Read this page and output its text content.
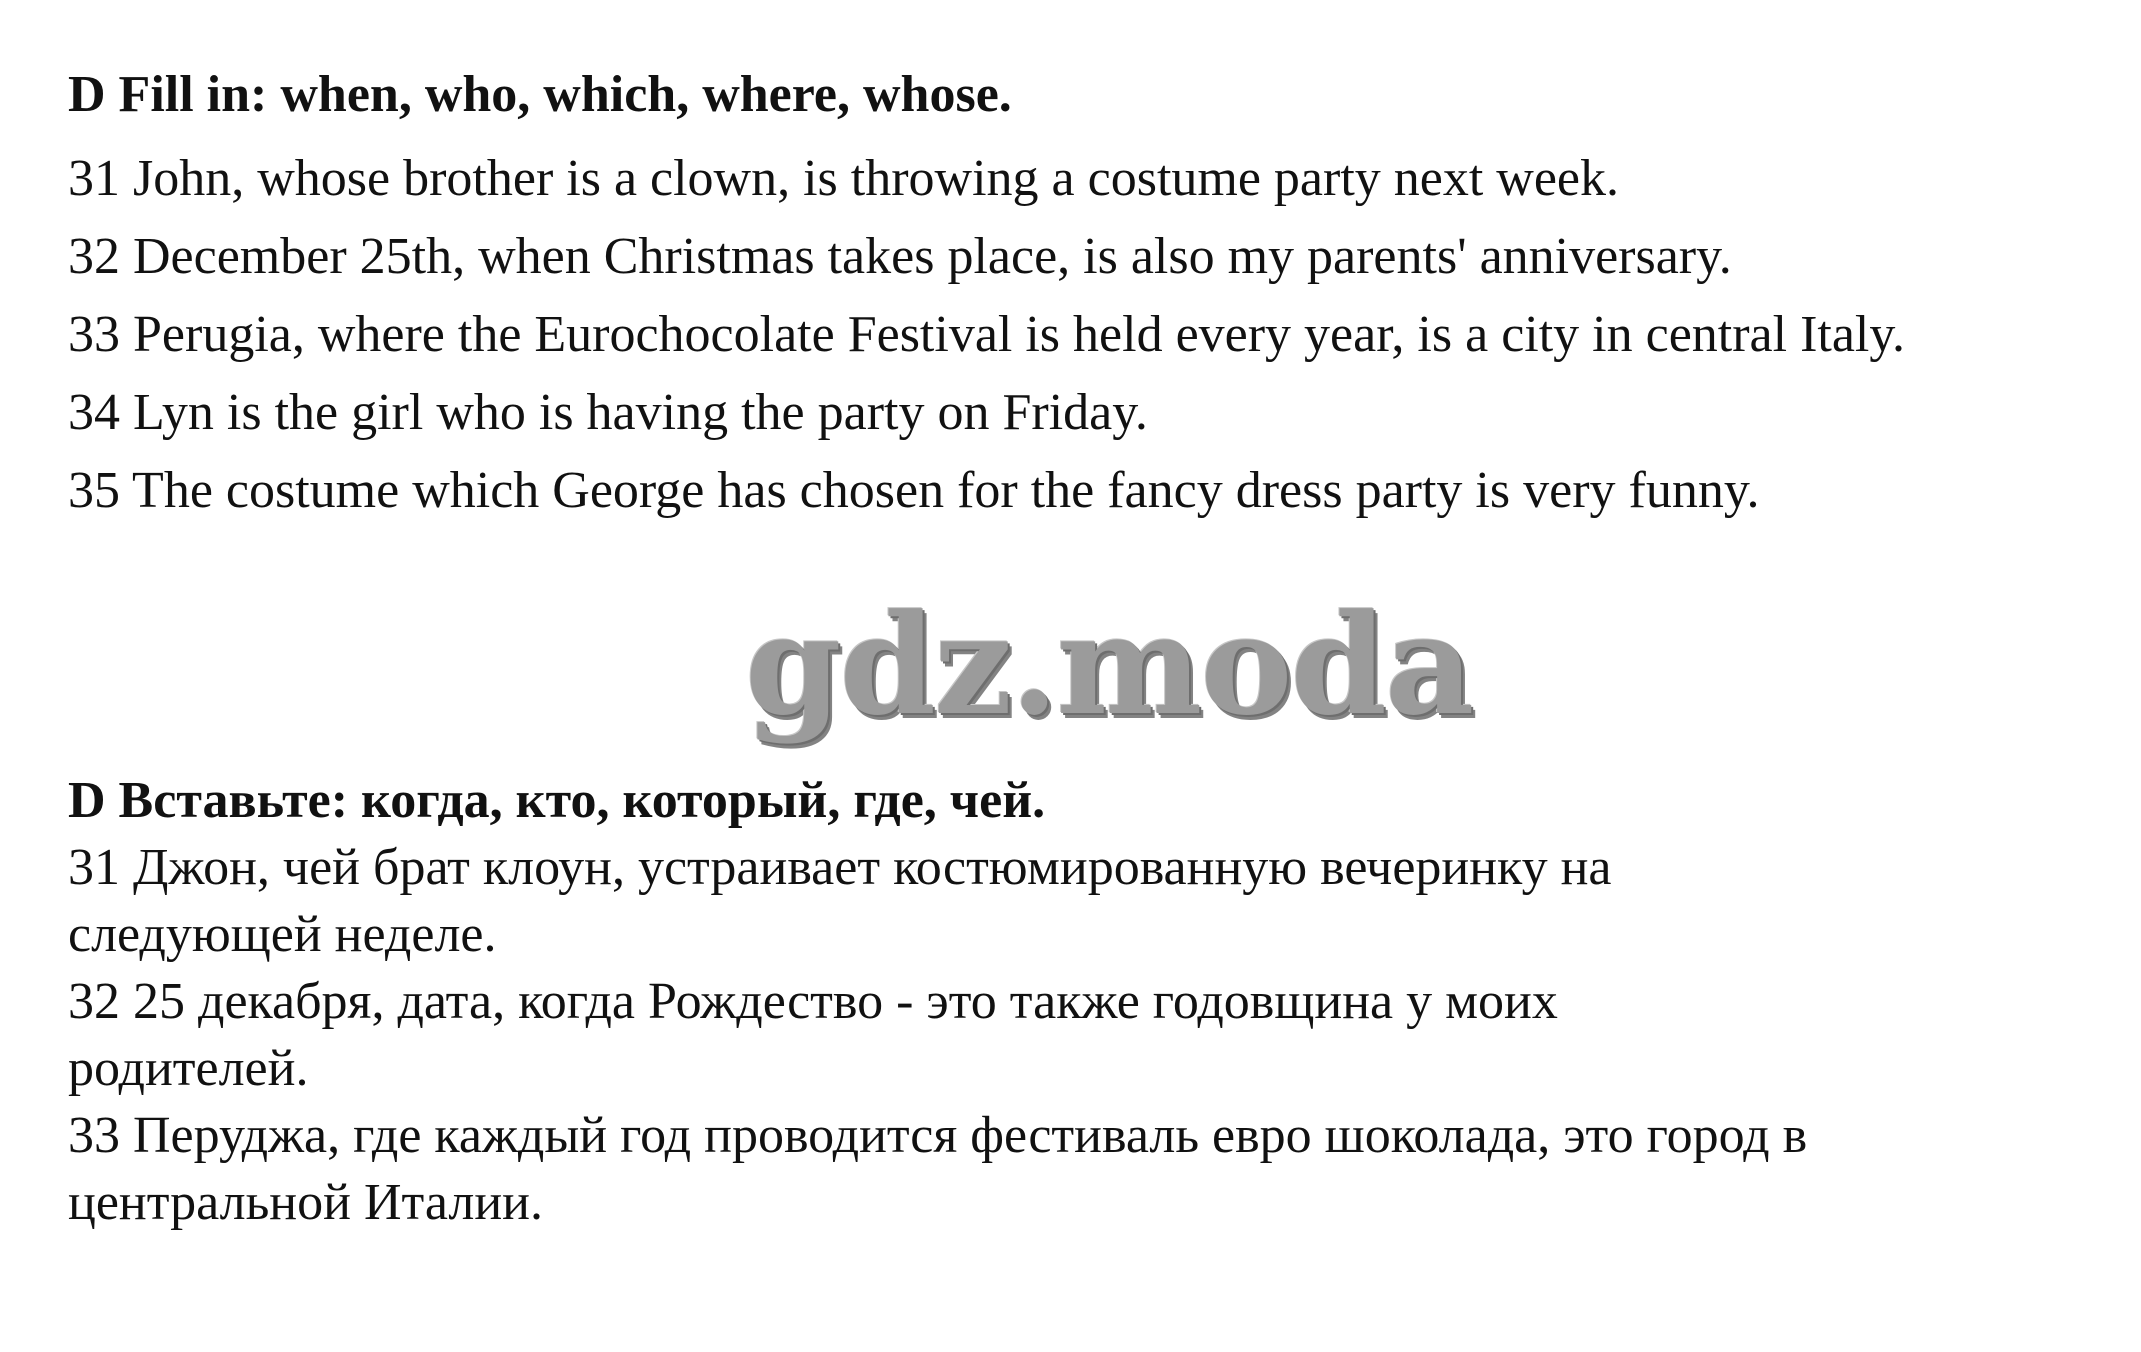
D Fill in: when, who, which, where, whose.

31 John, whose brother is a clown, is throwing a costume party next week.

32 December 25th, when Christmas takes place, is also my parents' anniversary.

33 Perugia, where the Eurochocolate Festival is held every year, is a city in central Italy.

34 Lyn is the girl who is having the party on Friday.

35 The costume which George has chosen for the fancy dress party is very funny.

gdz.moda

D Вставьте: когда, кто, который, где, чей.

31 Джон, чей брат клоун, устраивает костюмированную вечеринку на следующей неделе.

32 25 декабря, дата, когда Рождество - это также годовщина у моих родителей.

33 Перуджа, где каждый год проводится фестиваль евро шоколада, это город в центральной Италии.
